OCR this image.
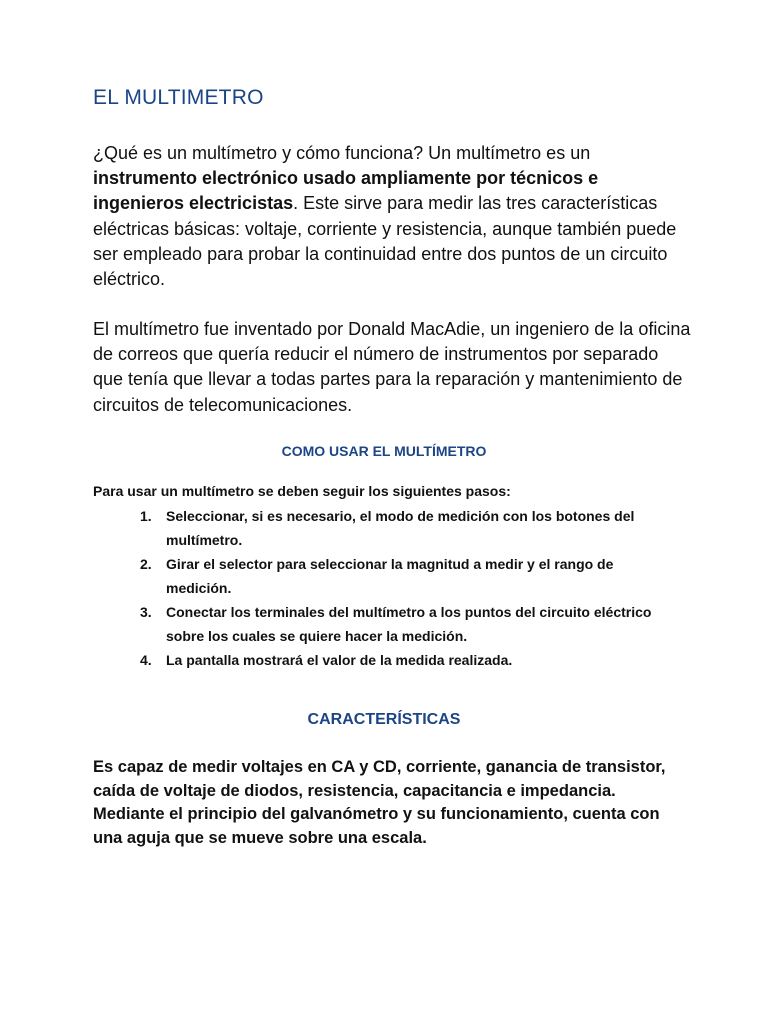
EL MULTIMETRO

¿Qué es un multímetro y cómo funciona? Un multímetro es un instrumento electrónico usado ampliamente por técnicos e ingenieros electricistas. Este sirve para medir las tres características eléctricas básicas: voltaje, corriente y resistencia, aunque también puede ser empleado para probar la continuidad entre dos puntos de un circuito eléctrico.

El multímetro fue inventado por Donald MacAdie, un ingeniero de la oficina de correos que quería reducir el número de instrumentos por separado que tenía que llevar a todas partes para la reparación y mantenimiento de circuitos de telecomunicaciones.

COMO USAR EL MULTÍMETRO

Para usar un multímetro se deben seguir los siguientes pasos:

1. Seleccionar, si es necesario, el modo de medición con los botones del multímetro.
2. Girar el selector para seleccionar la magnitud a medir y el rango de medición.
3. Conectar los terminales del multímetro a los puntos del circuito eléctrico sobre los cuales se quiere hacer la medición.
4. La pantalla mostrará el valor de la medida realizada.
CARACTERÍSTICAS

Es capaz de medir voltajes en CA y CD, corriente, ganancia de transistor, caída de voltaje de diodos, resistencia, capacitancia e impedancia. Mediante el principio del galvanómetro y su funcionamiento, cuenta con una aguja que se mueve sobre una escala.
